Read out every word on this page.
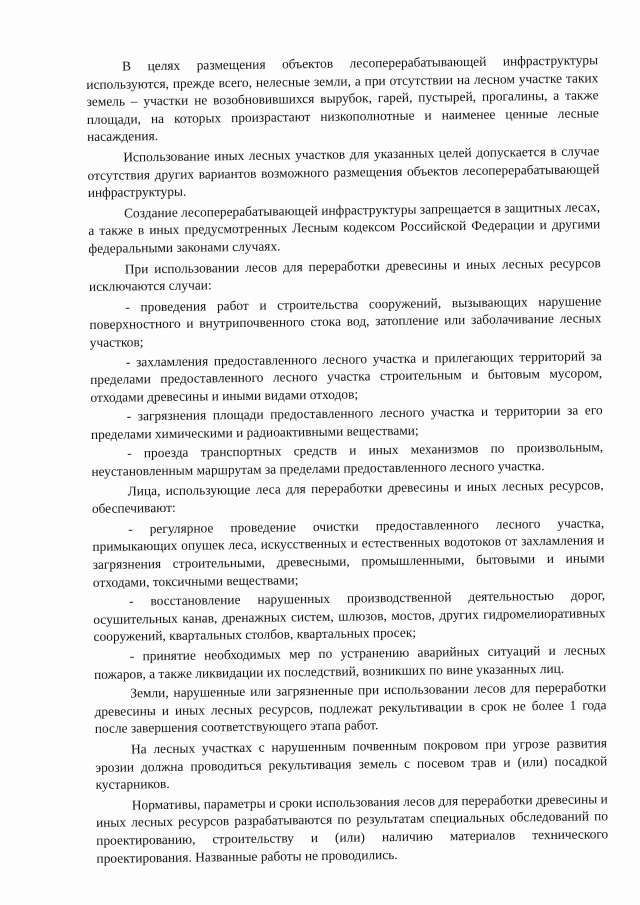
В целях размещения объектов лесоперерабатывающей инфраструктуры используются, прежде всего, нелесные земли, а при отсутствии на лесном участке таких земель – участки не возобновившихся вырубок, гарей, пустырей, прогалины, а также площади, на которых произрастают низкополнотные и наименее ценные лесные насаждения.

Использование иных лесных участков для указанных целей допускается в случае отсутствия других вариантов возможного размещения объектов лесоперерабатывающей инфраструктуры.

Создание лесоперерабатывающей инфраструктуры запрещается в защитных лесах, а также в иных предусмотренных Лесным кодексом Российской Федерации и другими федеральными законами случаях.

При использовании лесов для переработки древесины и иных лесных ресурсов исключаются случаи:

- проведения работ и строительства сооружений, вызывающих нарушение поверхностного и внутрипочвенного стока вод, затопление или заболачивание лесных участков;

- захламления предоставленного лесного участка и прилегающих территорий за пределами предоставленного лесного участка строительным и бытовым мусором, отходами древесины и иными видами отходов;

- загрязнения площади предоставленного лесного участка и территории за его пределами химическими и радиоактивными веществами;

- проезда транспортных средств и иных механизмов по произвольным, неустановленным маршрутам за пределами предоставленного лесного участка.

Лица, использующие леса для переработки древесины и иных лесных ресурсов, обеспечивают:

- регулярное проведение очистки предоставленного лесного участка, примыкающих опушек леса, искусственных и естественных водотоков от захламления и загрязнения строительными, древесными, промышленными, бытовыми и иными отходами, токсичными веществами;

- восстановление нарушенных производственной деятельностью дорог, осушительных канав, дренажных систем, шлюзов, мостов, других гидромелиоративных сооружений, квартальных столбов, квартальных просек;

- принятие необходимых мер по устранению аварийных ситуаций и лесных пожаров, а также ликвидации их последствий, возникших по вине указанных лиц.

Земли, нарушенные или загрязненные при использовании лесов для переработки древесины и иных лесных ресурсов, подлежат рекультивации в срок не более 1 года после завершения соответствующего этапа работ.

На лесных участках с нарушенным почвенным покровом при угрозе развития эрозии должна проводиться рекультивация земель с посевом трав и (или) посадкой кустарников.

Нормативы, параметры и сроки использования лесов для переработки древесины и иных лесных ресурсов разрабатываются по результатам специальных обследований по проектированию, строительству и (или) наличию материалов технического проектирования. Названные работы не проводились.
